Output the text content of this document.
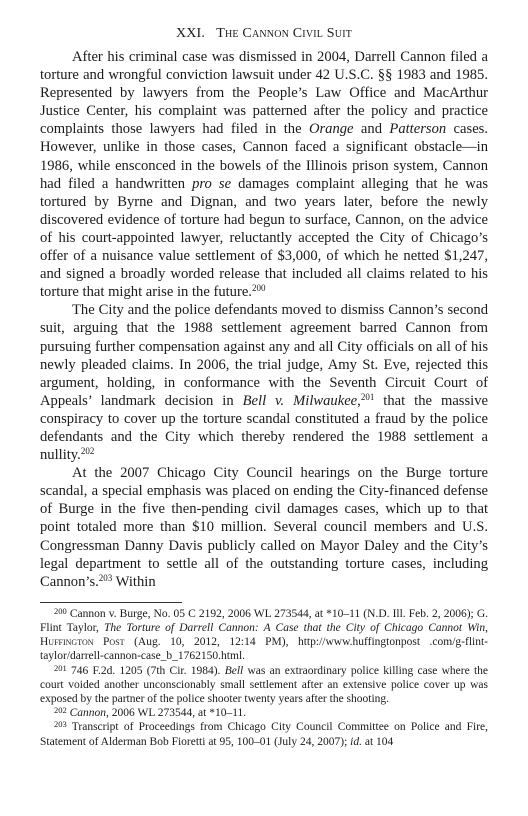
XXI. The Cannon Civil Suit

After his criminal case was dismissed in 2004, Darrell Cannon filed a torture and wrongful conviction lawsuit under 42 U.S.C. §§ 1983 and 1985. Represented by lawyers from the People’s Law Office and MacArthur Justice Center, his complaint was patterned after the policy and practice complaints those lawyers had filed in the Orange and Patterson cases. However, unlike in those cases, Cannon faced a significant obstacle—in 1986, while ensconced in the bowels of the Illinois prison system, Cannon had filed a handwritten pro se damages complaint alleging that he was tortured by Byrne and Dignan, and two years later, before the newly discovered evidence of torture had begun to surface, Cannon, on the advice of his court-appointed lawyer, reluctantly accepted the City of Chicago’s offer of a nuisance value settlement of $3,000, of which he netted $1,247, and signed a broadly worded release that included all claims related to his torture that might arise in the future.$^{200}$

The City and the police defendants moved to dismiss Cannon’s second suit, arguing that the 1988 settlement agreement barred Cannon from pursuing further compensation against any and all City officials on all of his newly pleaded claims. In 2006, the trial judge, Amy St. Eve, rejected this argument, holding, in conformance with the Seventh Circuit Court of Appeals’ landmark decision in Bell v. Milwaukee,$^{201}$ that the massive conspiracy to cover up the torture scandal constituted a fraud by the police defendants and the City which thereby rendered the 1988 settlement a nullity.$^{202}$

At the 2007 Chicago City Council hearings on the Burge torture scandal, a special emphasis was placed on ending the City-financed defense of Burge in the five then-pending civil damages cases, which up to that point totaled more than $10 million. Several council members and U.S. Congressman Danny Davis publicly called on Mayor Daley and the City’s legal department to settle all of the outstanding torture cases, including Cannon’s.$^{203}$ Within

$^{200}$ Cannon v. Burge, No. 05 C 2192, 2006 WL 273544, at *10–11 (N.D. Ill. Feb. 2, 2006); G. Flint Taylor, The Torture of Darrell Cannon: A Case that the City of Chicago Cannot Win, Huffington Post (Aug. 10, 2012, 12:14 PM), http://www.huffingtonpost .com/g-flint-taylor/darrell-cannon-case_b_1762150.html.

$^{201}$ 746 F.2d. 1205 (7th Cir. 1984). Bell was an extraordinary police killing case where the court voided another unconscionably small settlement after an extensive police cover up was exposed by the partner of the police shooter twenty years after the shooting.

$^{202}$ Cannon, 2006 WL 273544, at *10–11.

$^{203}$ Transcript of Proceedings from Chicago City Council Committee on Police and Fire, Statement of Alderman Bob Fioretti at 95, 100–01 (July 24, 2007); id. at 104
